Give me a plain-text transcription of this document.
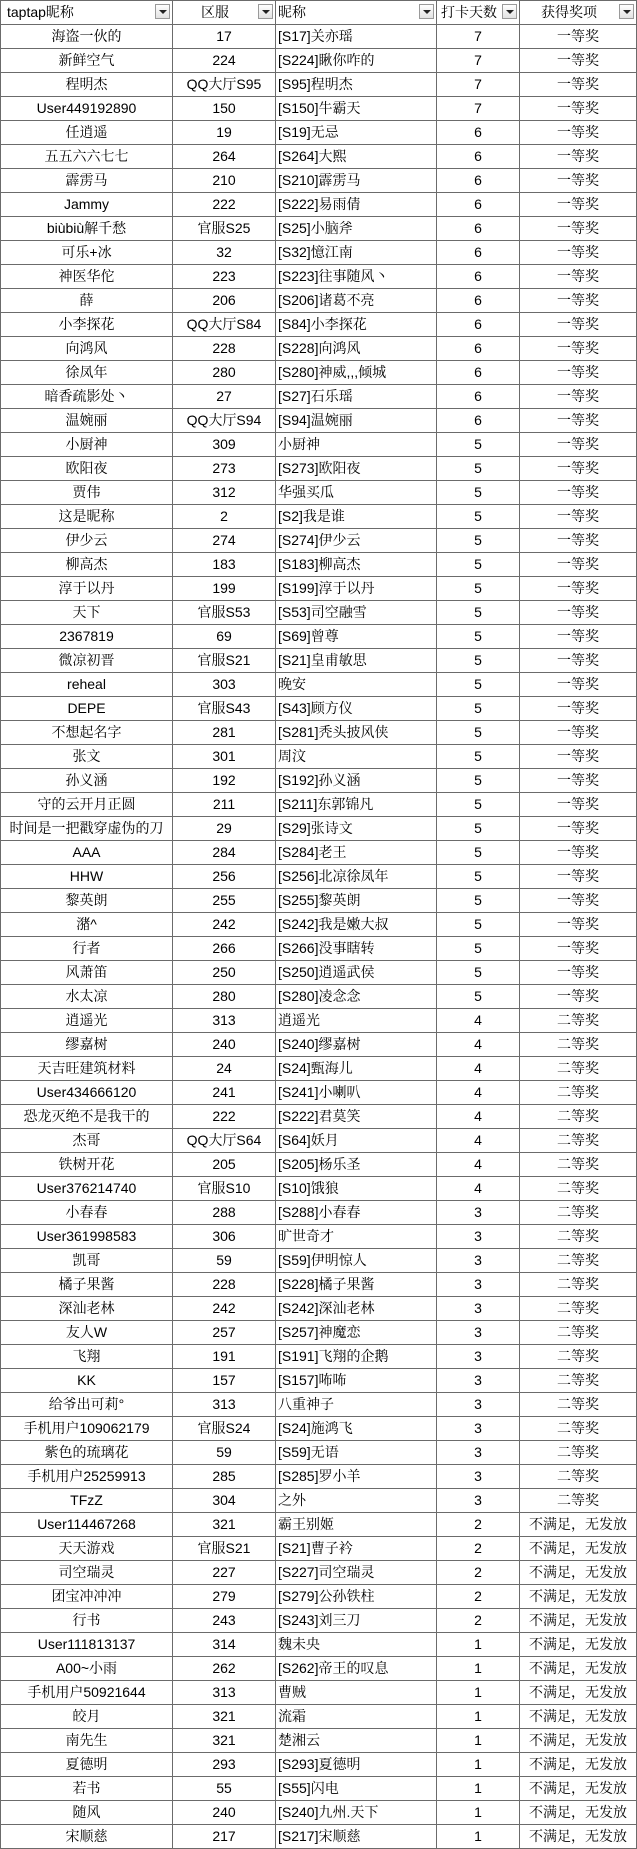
taptap昵称	区服	昵称	打卡天数	获得奖项
海盗一伙的	17	[S17]关亦瑶	7	一等奖
新鲜空气	224	[S224]瞅你咋的	7	一等奖
程明杰	QQ大厅S95	[S95]程明杰	7	一等奖
User449192890	150	[S150]牛霸天	7	一等奖
任逍遥	19	[S19]无忌	6	一等奖
五五六六七七	264	[S264]大熙	6	一等奖
霹雳马	210	[S210]霹雳马	6	一等奖
Jammy	222	[S222]易雨倩	6	一等奖
biùbiù解千愁	官服S25	[S25]小脑斧	6	一等奖
可乐+冰	32	[S32]憶江南	6	一等奖
神医华佗	223	[S223]往事随风丶	6	一等奖
薛	206	[S206]诸葛不亮	6	一等奖
小李探花	QQ大厅S84	[S84]小李探花	6	一等奖
向鸿风	228	[S228]向鸿风	6	一等奖
徐凤年	280	[S280]神威,,,倾城	6	一等奖
暗香疏影处丶	27	[S27]石乐瑶	6	一等奖
温婉丽	QQ大厅S94	[S94]温婉丽	6	一等奖
小厨神	309	小厨神	5	一等奖
欧阳夜	273	[S273]欧阳夜	5	一等奖
贾伟	312	华强买瓜	5	一等奖
这是昵称	2	[S2]我是谁	5	一等奖
伊少云	274	[S274]伊少云	5	一等奖
柳高杰	183	[S183]柳高杰	5	一等奖
淳于以丹	199	[S199]淳于以丹	5	一等奖
天下	官服S53	[S53]司空融雪	5	一等奖
2367819	69	[S69]曾尊	5	一等奖
微凉初晋	官服S21	[S21]皇甫敏思	5	一等奖
reheal	303	晚安	5	一等奖
DEPE	官服S43	[S43]顾方仪	5	一等奖
不想起名字	281	[S281]秃头披风侠	5	一等奖
张文	301	周汶	5	一等奖
孙义涵	192	[S192]孙义涵	5	一等奖
守的云开月正圆	211	[S211]东郭锦凡	5	一等奖
时间是一把戳穿虚伪的刀	29	[S29]张诗文	5	一等奖
AAA	284	[S284]老王	5	一等奖
HHW	256	[S256]北凉徐凤年	5	一等奖
黎英朗	255	[S255]黎英朗	5	一等奖
潴^	242	[S242]我是嫩大叔	5	一等奖
行者	266	[S266]没事瞎转	5	一等奖
风萧笛	250	[S250]逍遥武侯	5	一等奖
水太凉	280	[S280]凌念念	5	一等奖
逍遥光	313	逍遥光	4	二等奖
缪嘉树	240	[S240]缪嘉树	4	二等奖
天吉旺建筑材料	24	[S24]甄海儿	4	二等奖
User434666120	241	[S241]小喇叭	4	二等奖
恐龙灭绝不是我干的	222	[S222]君莫笑	4	二等奖
杰哥	QQ大厅S64	[S64]妖月	4	二等奖
铁树开花	205	[S205]杨乐圣	4	二等奖
User376214740	官服S10	[S10]饿狼	4	二等奖
小春春	288	[S288]小春春	3	二等奖
User361998583	306	旷世奇才	3	二等奖
凯哥	59	[S59]伊明惊人	3	二等奖
橘子果酱	228	[S228]橘子果酱	3	二等奖
深汕老林	242	[S242]深汕老林	3	二等奖
友人W	257	[S257]神魔恋	3	二等奖
飞翔	191	[S191]飞翔的企鹅	3	二等奖
KK	157	[S157]咘咘	3	二等奖
给爷出可莉°	313	八重神子	3	二等奖
手机用户109062179	官服S24	[S24]施鸿飞	3	二等奖
紫色的琉璃花	59	[S59]无语	3	二等奖
手机用户25259913	285	[S285]罗小羊	3	二等奖
TFzZ	304	之外	3	二等奖
User114467268	321	霸王别姬	2	不满足，无发放
天天游戏	官服S21	[S21]曹子衿	2	不满足，无发放
司空瑞灵	227	[S227]司空瑞灵	2	不满足，无发放
团宝冲冲冲	279	[S279]公孙铁柱	2	不满足，无发放
行书	243	[S243]刘三刀	2	不满足，无发放
User111813137	314	魏未央	1	不满足，无发放
A00~小雨	262	[S262]帝王的叹息	1	不满足，无发放
手机用户50921644	313	曹贼	1	不满足，无发放
皎月	321	流霜	1	不满足，无发放
南先生	321	楚湘云	1	不满足，无发放
夏德明	293	[S293]夏德明	1	不满足，无发放
若书	55	[S55]闪电	1	不满足，无发放
随风	240	[S240]九州.天下	1	不满足，无发放
宋顺慈	217	[S217]宋顺慈	1	不满足，无发放
